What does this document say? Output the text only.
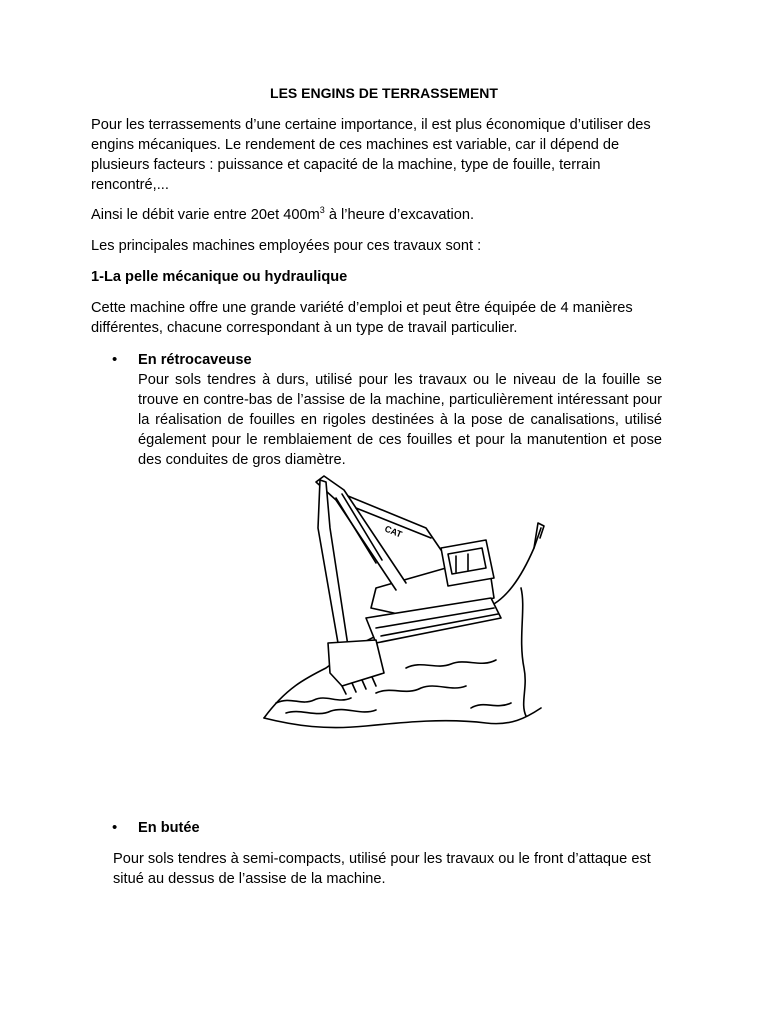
LES ENGINS DE TERRASSEMENT

Pour les terrassements d’une certaine importance, il est plus économique d’utiliser des engins mécaniques. Le rendement de ces machines est variable, car il dépend de plusieurs facteurs : puissance et capacité de la machine, type de fouille, terrain rencontré,...

Ainsi le débit varie entre 20et $400m^3$ à l’heure d’excavation.

Les principales machines employées pour ces travaux sont :

1-La pelle mécanique ou hydraulique

Cette machine offre une grande variété d’emploi et peut être équipée de 4 manières différentes, chacune correspondant à un type de travail particulier.

• En rétrocaveuse

Pour sols tendres à durs, utilisé pour les travaux ou le niveau de la fouille se trouve en contre-bas de l’assise de la machine, particulièrement intéressant pour la réalisation de fouilles en rigoles destinées à la pose de canalisations, utilisé également pour le remblaiement de ces fouilles et pour la manutention et pose des conduites de gros diamètre.

CAT
• En butée

Pour sols tendres à semi-compacts, utilisé pour les travaux ou le front d’attaque est situé au dessus de l’assise de la machine.
